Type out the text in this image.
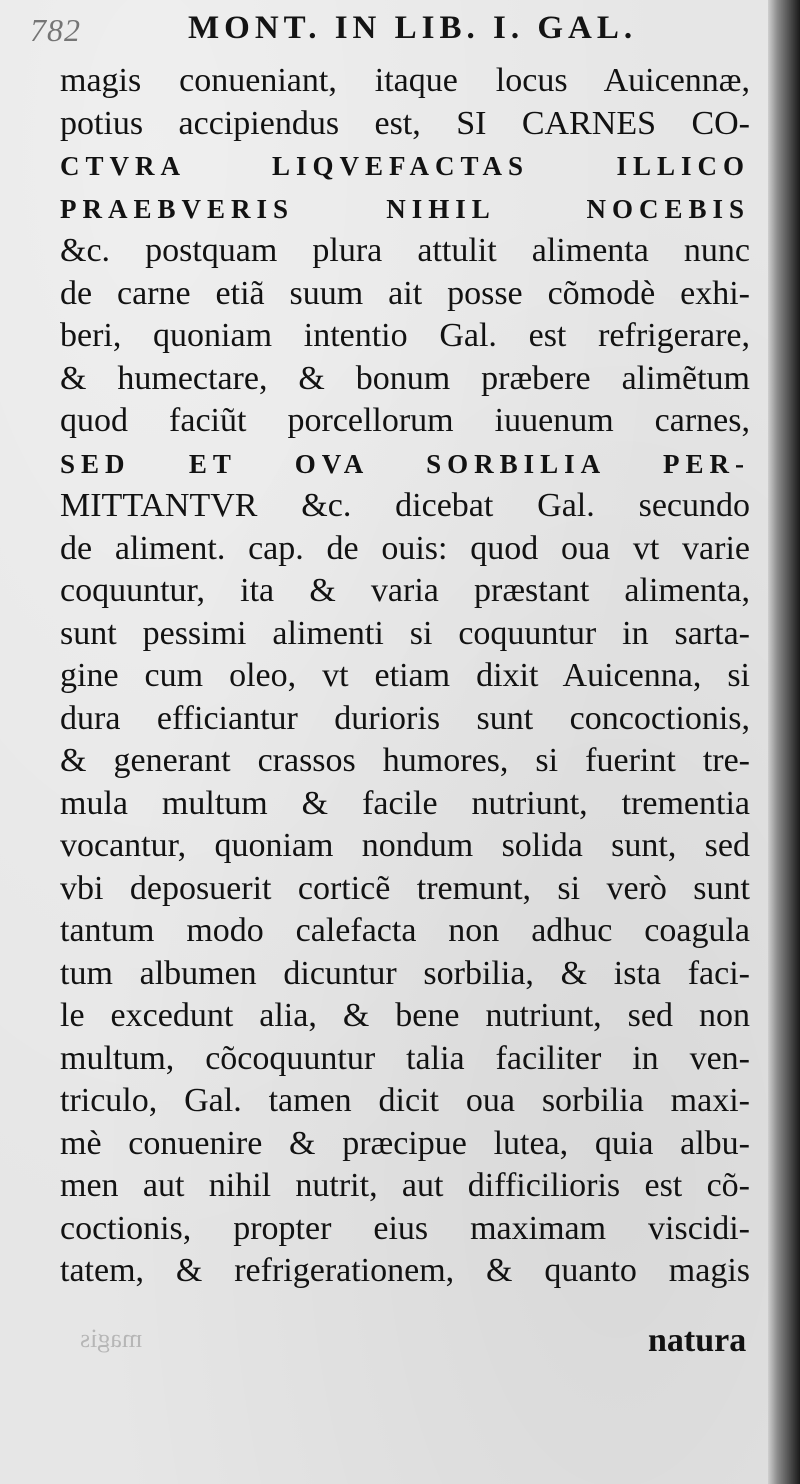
782	MONT. IN LIB. I. GAL.
magis conueniant, itaque locus Auicennæ,
potius accipiendus est, SI CARNES CO-
CTVRA LIQVEFACTAS ILLICO
PRAEBVERIS NIHIL NOCEBIS
&c. postquam plura attulit alimenta nunc
de carne etiã suum ait posse cõmodè exhi-
beri, quoniam intentio Gal. est refrigerare,
& humectare, & bonum præbere alimẽtum
quod faciũt porcellorum iuuenum carnes,
SED ET OVA SORBILIA PER-
MITTANTVR &c. dicebat Gal. secundo
de aliment. cap. de ouis: quod oua vt varie
coquuntur, ita & varia præstant alimenta,
sunt pessimi alimenti si coquuntur in sarta-
gine cum oleo, vt etiam dixit Auicenna, si
dura efficiantur durioris sunt concoctionis,
& generant crassos humores, si fuerint tre-
mula multum & facile nutriunt, trementia
vocantur, quoniam nondum solida sunt, sed
vbi deposuerit corticẽ tremunt, si verò sunt
tantum modo calefacta non adhuc coagula
tum albumen dicuntur sorbilia, & ista faci-
le excedunt alia, & bene nutriunt, sed non
multum, cõcoquuntur talia faciliter in ven-
triculo, Gal. tamen dicit oua sorbilia maxi-
mè conuenire & præcipue lutea, quia albu-
men aut nihil nutrit, aut difficilioris est cõ-
coctionis, propter eius maximam viscidi-
tatem, & refrigerationem, & quanto magis
magis	natura
